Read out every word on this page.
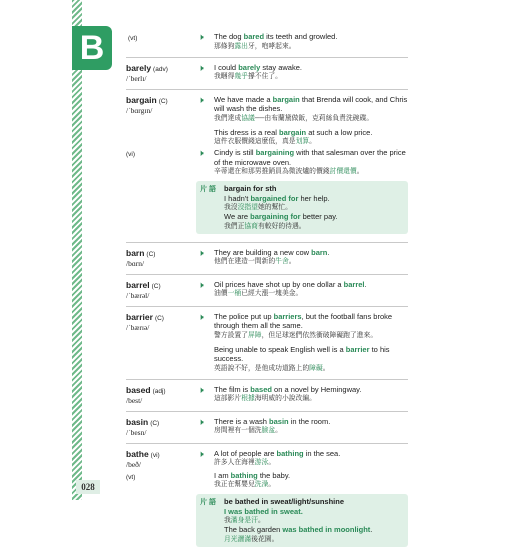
B
028
(vt)	🕨 The dog bared its teeth and growled.
那條狗露出牙，咆哮起來。
barely (adv)
/ˈberlɪ/
🕨 I could barely stay awake.
我睏得幾乎撐不住了。
bargain (C)
/ˈbɑrgɪn/
🕨 We have made a bargain that Brenda will cook, and Chris will wash the dishes.
我們達成協議──由布蘭黛做飯，克莉絲負責洗碗碟。
This dress is a real bargain at such a low price.
這件衣服價錢這麼低，真是划算。
(vi)	🕨 Cindy is still bargaining with that salesman over the price of the microwave oven.
辛蒂還在和那男推銷員為微波爐的價錢討價還價。
片 語	bargain for sth
I hadn't bargained for her help.
我沒沒指望她的幫忙。
We are bargaining for better pay.
我們正協商有較好的待遇。
barn (C)
/bɑrn/
🕨 They are building a new cow barn.
他們在建造一間新的牛舍。
barrel (C)
/ˈbærəl/
🕨 Oil prices have shot up by one dollar a barrel.
油價一桶已經大漲一塊美金。
barrier (C)
/ˈbærɪə/
🕨 The police put up barriers, but the football fans broke through them all the same.
警方設置了屏障，但足球迷們依然衝破障礙跑了進來。
Being unable to speak English well is a barrier to his success.
英語說不好，是他成功道路上的障礙。
based (adj)
/best/
🕨 The film is based on a novel by Hemingway.
這部影片根據海明威的小說改編。
basin (C)
/ˈbesn/
🕨 There is a wash basin in the room.
房間裡有一個洗臉盆。
bathe (vi)
/beð/
🕨 A lot of people are bathing in the sea.
許多人在海裡游泳。
(vt)	I am bathing the baby.
我正在幫嬰兒洗澡。
片 語	be bathed in sweat/light/sunshine
I was bathed in sweat.
我滿身是汗。
The back garden was bathed in moonlight.
月光灑滿後花園。
